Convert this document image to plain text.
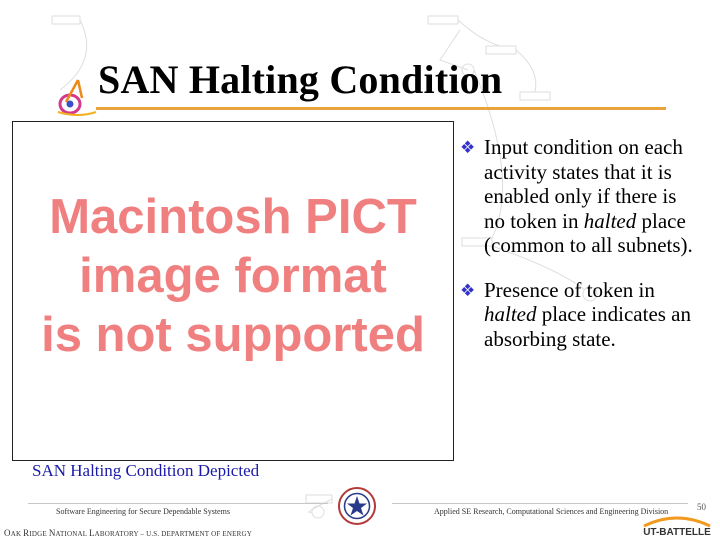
SAN Halting Condition
Macintosh PICT
image format
is not supported
SAN Halting Condition Depicted
❖ Input condition on each activity states that it is enabled only if there is no token in halted place (common to all subnets).
❖ Presence of token in halted place indicates an absorbing state.
Software Engineering for Secure Dependable Systems	Applied SE Research, Computational Sciences and Engineering Division	50
OAK RIDGE NATIONAL LABORATORY – U.S. DEPARTMENT OF ENERGY	UT-BATTELLE
